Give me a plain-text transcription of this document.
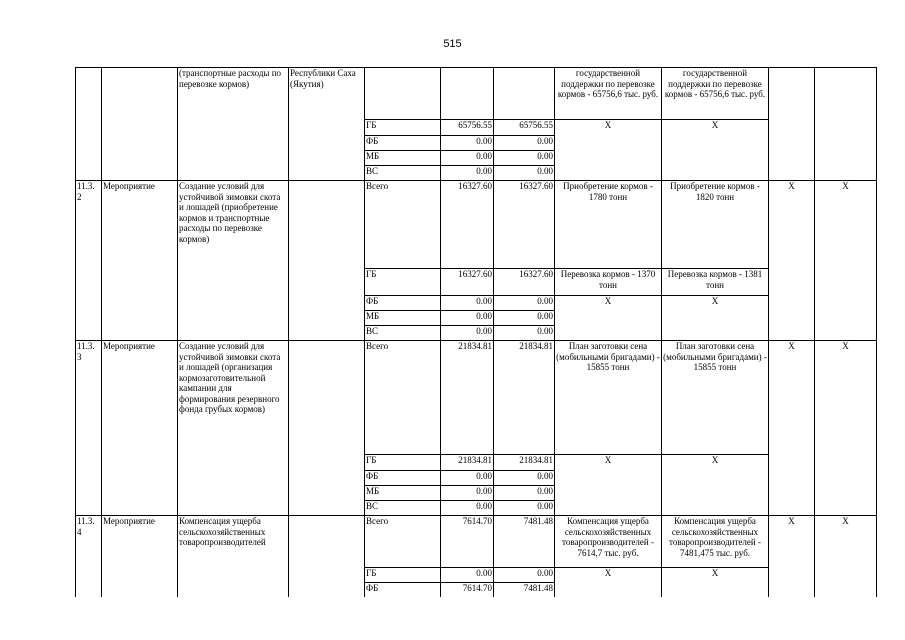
515
		(транспортные расходы по перевозке кормов)	Республики Саха (Якутия)				государственной поддержки по перевозке кормов - 65756,6 тыс. руб.	государственной поддержки по перевозке кормов - 65756,6 тыс. руб.		
				ГБ	65756.55	65756.55	X	X		
				ФБ	0.00	0.00				
				МБ	0.00	0.00				
				ВС	0.00	0.00				
11.3. 2	Мероприятие	Создание условий для устойчивой зимовки скота и лошадей (приобретение кормов и транспортные расходы по перевозке кормов)		Всего	16327.60	16327.60	Приобретение кормов - 1780 тонн	Приобретение кормов - 1820 тонн	X	X
				ГБ	16327.60	16327.60	Перевозка кормов - 1370 тонн	Перевозка кормов - 1381 тонн		
				ФБ	0.00	0.00	X	X		
				МБ	0.00	0.00				
				ВС	0.00	0.00				
11.3. 3	Мероприятие	Создание условий для устойчивой зимовки скота и лошадей (организация кормозаготовительной кампании для формирования резервного фонда грубых кормов)		Всего	21834.81	21834.81	План заготовки сена (мобильными бригадами) - 15855 тонн	План заготовки сена (мобильными бригадами) - 15855 тонн	X	X
				ГБ	21834.81	21834.81	X	X		
				ФБ	0.00	0.00				
				МБ	0.00	0.00				
				ВС	0.00	0.00				
11.3. 4	Мероприятие	Компенсация ущерба сельскохозяйственных товаропроизводителей		Всего	7614.70	7481.48	Компенсация ущерба сельскохозяйственных товаропроизводителей - 7614,7 тыс. руб.	Компенсация ущерба сельскохозяйственных товаропроизводителей - 7481,475 тыс. руб.	X	X
				ГБ	0.00	0.00	X	X		
				ФБ	7614.70	7481.48				
